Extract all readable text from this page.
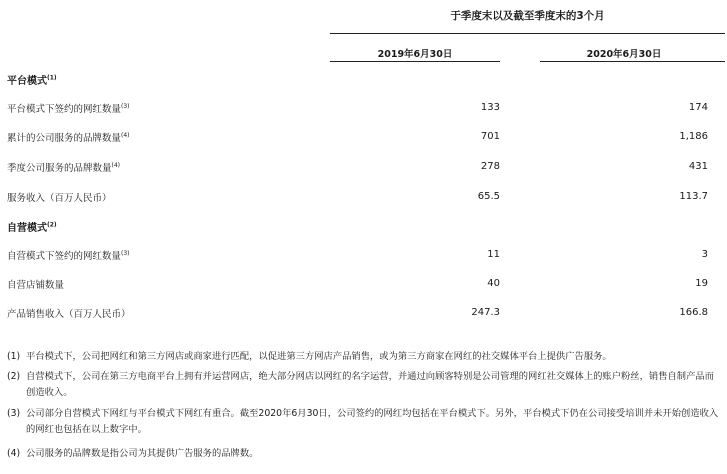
于季度末以及截至季度末的3个月
2019年6月30日	2020年6月30日
平台模式$^{(1)}$
平台模式下签约的网红数量$^{(3)}$	133	174
累计的公司服务的品牌数量$^{(4)}$	701	1,186
季度公司服务的品牌数量$^{(4)}$	278	431
服务收入（百万人民币）	65.5	113.7
自营模式$^{(2)}$
自营模式下签约的网红数量$^{(3)}$	11	3
自营店铺数量	40	19
产品销售收入（百万人民币）	247.3	166.8
(1) 平台模式下，公司把网红和第三方网店或商家进行匹配，以促进第三方网店产品销售，或为第三方商家在网红的社交媒体平台上提供广告服务。
(2) 自营模式下，公司在第三方电商平台上拥有并运营网店，绝大部分网店以网红的名字运营，并通过向顾客特别是公司管理的网红社交媒体上的账户粉丝，销售自制产品而创造收入。
(3) 公司部分自营模式下网红与平台模式下网红有重合。截至2020年6月30日，公司签约的网红均包括在平台模式下。另外，平台模式下仍在公司接受培训并未开始创造收入的网红也包括在以上数字中。
(4) 公司服务的品牌数是指公司为其提供广告服务的品牌数。
